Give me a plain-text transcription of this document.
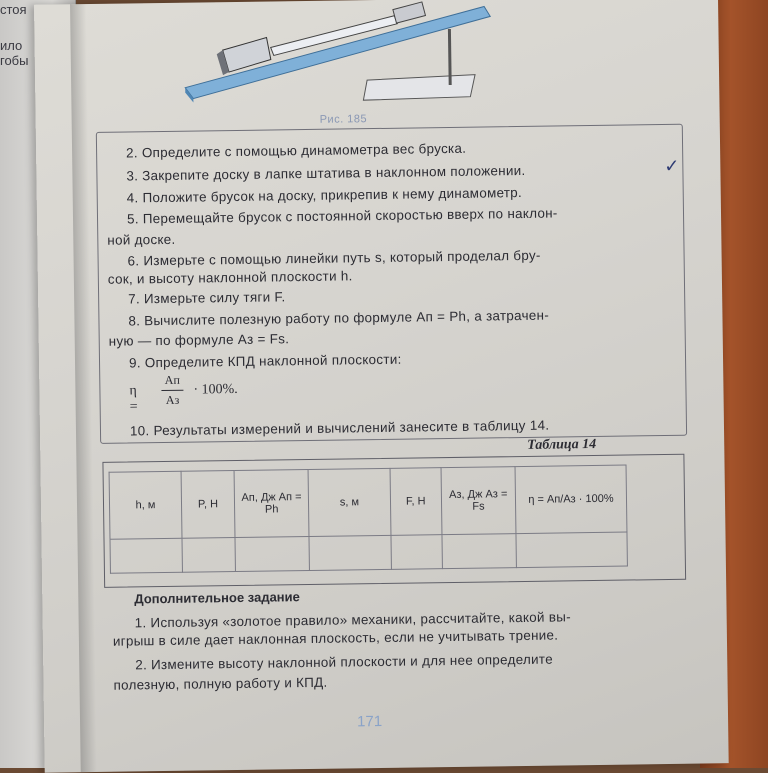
стоя
ило
гобы
Рис. 185
2. Определите с помощью динамометра вес бруска.
3. Закрепите доску в лапке штатива в наклонном положении.
4. Положите брусок на доску, прикрепив к нему динамометр.
5. Перемещайте брусок с постоянной скоростью вверх по наклон-
ной доске.
6. Измерьте с помощью линейки путь s, который проделал бру-
сок, и высоту наклонной плоскости h.
7. Измерьте силу тяги F.
8. Вычислите полезную работу по формуле Aп = Ph, а затрачен-
ную — по формуле Aз = Fs.
9. Определите КПД наклонной плоскости:
η =
Aп
Aз
· 100%.
10. Результаты измерений и вычислений занесите в таблицу 14.
Таблица 14
h, м	P, Н	Aп, Дж Aп = Ph	s, м	F, Н	Aз, Дж Aз = Fs	η = Aп/Aз · 100%

Дополнительное задание
1. Используя «золотое правило» механики, рассчитайте, какой вы-
игрыш в силе дает наклонная плоскость, если не учитывать трение.
2. Измените высоту наклонной плоскости и для нее определите
полезную, полную работу и КПД.
171
✓
